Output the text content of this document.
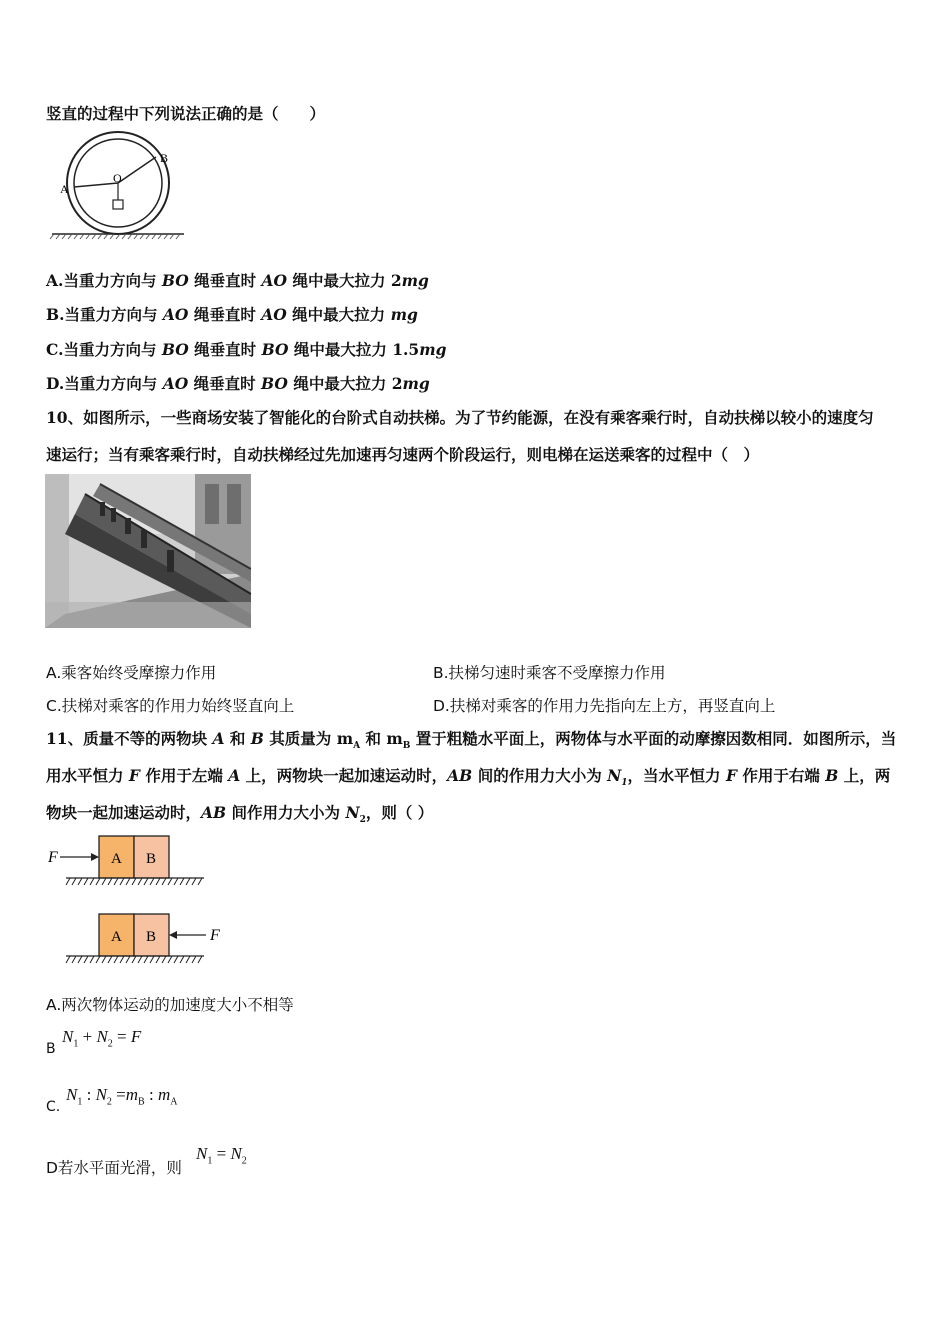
竖直的过程中下列说法正确的是（　　）
A
O
B
A.当重力方向与 BO 绳垂直时 AO 绳中最大拉力 2mg
B.当重力方向与 AO 绳垂直时 AO 绳中最大拉力 mg
C.当重力方向与 BO 绳垂直时 BO 绳中最大拉力 1.5mg
D.当重力方向与 AO 绳垂直时 BO 绳中最大拉力 2mg
10、如图所示，一些商场安装了智能化的台阶式自动扶梯。为了节约能源，在没有乘客乘行时，自动扶梯以较小的速度匀
速运行；当有乘客乘行时，自动扶梯经过先加速再匀速两个阶段运行，则电梯在运送乘客的过程中（　）
A.乘客始终受摩擦力作用	B.扶梯匀速时乘客不受摩擦力作用
C.扶梯对乘客的作用力始终竖直向上	D.扶梯对乘客的作用力先指向左上方，再竖直向上
11、质量不等的两物块 A 和 B 其质量为 $m_A$ 和 $m_B$ 置于粗糙水平面上，两物体与水平面的动摩擦因数相同．如图所示，当
用水平恒力 F 作用于左端 A 上，两物块一起加速运动时，AB 间的作用力大小为 $N_1$，当水平恒力 F 作用于右端 B 上，两
物块一起加速运动时，AB 间作用力大小为 $N_2$，则（ ）
F	A B
A B	F
A.两次物体运动的加速度大小不相等
B
$N_1 + N_2 = F$
C.
$N_1$ : $N_2 =m_B$ : $m_A$
D若水平面光滑，则
$N_1 = N_2$
